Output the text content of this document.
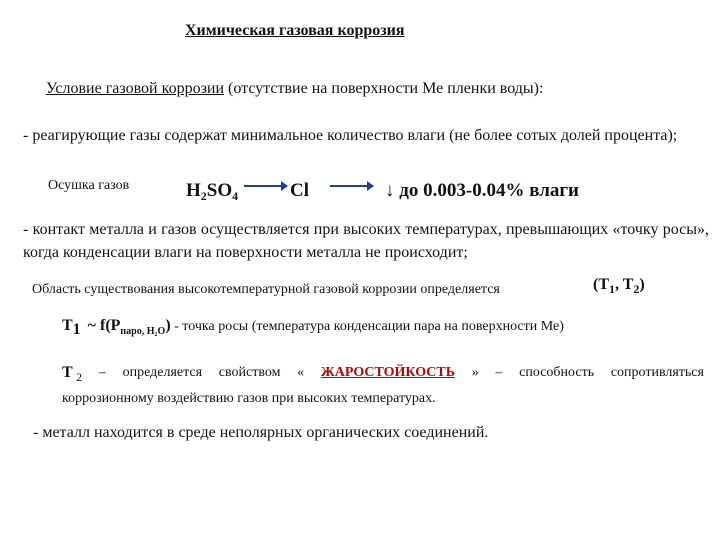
Химическая газовая коррозия
Условие газовой коррозии (отсутствие на поверхности Ме пленки воды):
- реагирующие газы содержат минимальное количество влаги (не более сотых долей процента);
Осушка газов	$H_2SO_4$	Cl	↓ до 0.003-0.04% влаги
- контакт металла и газов осуществляется при высоких температурах, превышающих «точку росы», когда конденсации влаги на поверхности металла не происходит;
Область существования высокотемпературной газовой коррозии определяется	($T_1$, $T_2$)
T1 ~ $f(P_{паро, H_2O})$ - точка росы (температура конденсации пара на поверхности Ме)
T 2 – определяется свойством « ЖАРОСТОЙКОСТЬ » – способность сопротивляться
коррозионному воздействию газов при высоких температурах.
- металл находится в среде неполярных органических соединений.
